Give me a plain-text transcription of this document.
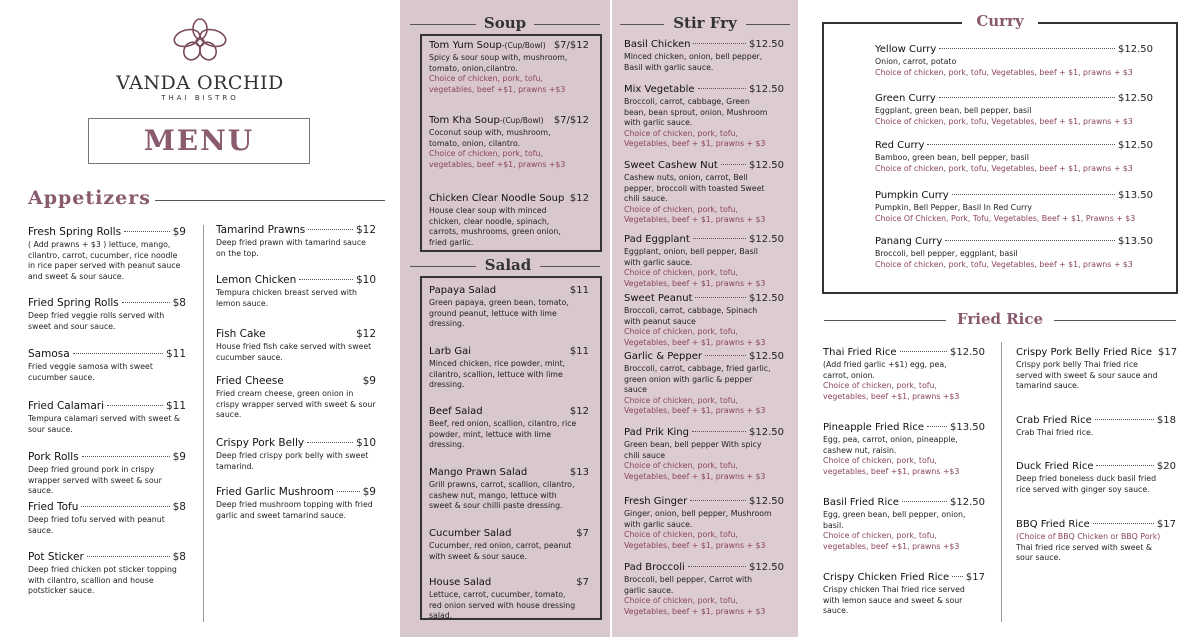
VANDA ORCHID
THAI BISTRO
MENU
Appetizers
Fresh Spring Rolls	$9
( Add prawns + $3 ) lettuce, mango, cilantro, carrot, cucumber, rice noodle in rice paper served with peanut sauce and sweet & sour sauce.
Fried Spring Rolls	$8
Deep fried veggie rolls served with sweet and sour sauce.
Samosa	$11
Fried veggie samosa with sweet cucumber sauce.
Fried Calamari	$11
Tempura calamari served with sweet & sour sauce.
Pork Rolls	$9
Deep fried ground pork in crispy wrapper served with sweet & sour sauce.
Fried Tofu	$8
Deep fried tofu served with peanut sauce.
Pot Sticker	$8
Deep fried chicken pot sticker topping with cilantro, scallion and house potsticker sauce.
Tamarind Prawns	$12
Deep fried prawn with tamarind sauce on the top.
Lemon Chicken	$10
Tempura chicken breast served with lemon sauce.
Fish Cake	$12
House fried fish cake served with sweet cucumber sauce.
Fried Cheese	$9
Fried cream cheese, green onion in crispy wrapper served with sweet & sour sauce.
Crispy Pork Belly	$10
Deep fried crispy pork belly with sweet tamarind.
Fried Garlic Mushroom	$9
Deep fried mushroom topping with fried garlic and sweet tamarind sauce.
Soup
Tom Yum Soup -(Cup/Bowl) $7/$12
Spicy & sour soup with, mushroom, tomato, onion,cilantro.
Choice of chicken, pork, tofu, vegetables, beef +$1, prawns +$3
Tom Kha Soup -(Cup/Bowl) $7/$12
Coconut soup with, mushroom, tomato, onion, cilantro.
Choice of chicken, pork, tofu, vegetables, beef +$1, prawns +$3
Chicken Clear Noodle Soup $12
House clear soup with minced chicken, clear noodle, spinach, carrots, mushrooms, green onion, fried garlic.
Salad
Papaya Salad	$11
Green papaya, green bean, tomato, ground peanut, lettuce with lime dressing.
Larb Gai	$11
Minced chicken, rice powder, mint, cilantro, scallion, lettuce with lime dressing.
Beef Salad	$12
Beef, red onion, scallion, cilantro, rice powder, mint, lettuce with lime dressing.
Mango Prawn Salad	$13
Grill prawns, carrot, scallion, cilantro, cashew nut, mango, lettuce with sweet & sour chilli paste dressing.
Cucumber Salad	$7
Cucumber, red onion, carrot, peanut with sweet & sour sauce.
House Salad	$7
Lettuce, carrot, cucumber, tomato, red onion served with house dressing salad.
Stir Fry
Basil Chicken	$12.50
Minced chicken, onion, bell pepper, Basil with garlic sauce.
Mix Vegetable	$12.50
Broccoli, carrot, cabbage, Green bean, bean sprout, onion, Mushroom with garlic sauce.
Choice of chicken, pork, tofu, Vegetables, beef + $1, prawns + $3
Sweet Cashew Nut	$12.50
Cashew nuts, onion, carrot, Bell pepper, broccoli with toasted Sweet chili sauce.
Choice of chicken, pork, tofu, Vegetables, beef + $1, prawns + $3
Pad Eggplant	$12.50
Eggplant, onion, bell pepper, Basil with garlic sauce.
Choice of chicken, pork, tofu, Vegetables, beef + $1, prawns + $3
Sweet Peanut	$12.50
Broccoli, carrot, cabbage, Spinach with peanut sauce
Choice of chicken, pork, tofu, Vegetables, beef + $1, prawns + $3
Garlic & Pepper	$12.50
Broccoli, carrot, cabbage, fried garlic, green onion with garlic & pepper sauce
Choice of chicken, pork, tofu, Vegetables, beef + $1, prawns + $3
Pad Prik King	$12.50
Green bean, bell pepper With spicy chili sauce
Choice of chicken, pork, tofu, Vegetables, beef + $1, prawns + $3
Fresh Ginger	$12.50
Ginger, onion, bell pepper, Mushroom with garlic sauce.
Choice of chicken, pork, tofu, Vegetables, beef + $1, prawns + $3
Pad Broccoli	$12.50
Broccoli, bell pepper, Carrot with garlic sauce.
Choice of chicken, pork, tofu, Vegetables, beef + $1, prawns + $3
Curry
Yellow Curry	$12.50
Onion, carrot, potato
Choice of chicken, pork, tofu, Vegetables, beef + $1, prawns + $3
Green Curry	$12.50
Eggplant, green bean, bell pepper, basil
Choice of chicken, pork, tofu, Vegetables, beef + $1, prawns + $3
Red Curry	$12.50
Bamboo, green bean, bell pepper, basil
Choice of chicken, pork, tofu, Vegetables, beef + $1, prawns + $3
Pumpkin Curry	$13.50
Pumpkin, Bell Pepper, Basil In Red Curry
Choice Of Chicken, Pork, Tofu, Vegetables, Beef + $1, Prawns + $3
Panang Curry	$13.50
Broccoli, bell pepper, eggplant, basil
Choice of chicken, pork, tofu, Vegetables, beef + $1, prawns + $3
Fried Rice
Thai Fried Rice	$12.50
(Add fried garlic +$1) egg, pea, carrot, onion.
Choice of chicken, pork, tofu, vegetables, beef +$1, prawns +$3
Pineapple Fried Rice	$13.50
Egg, pea, carrot, onion, pineapple, cashew nut, raisin.
Choice of chicken, pork, tofu, vegetables, beef +$1, prawns +$3
Basil Fried Rice	$12.50
Egg, green bean, bell pepper, onion, basil.
Choice of chicken, pork, tofu, vegetables, beef +$1, prawns +$3
Crispy Chicken Fried Rice $17
Crispy chicken Thai fried rice served with lemon sauce and sweet & sour sauce.
Crispy Pork Belly Fried Rice $17
Crispy pork belly Thai fried rice served with sweet & sour sauce and tamarind sauce.
Crab Fried Rice	$18
Crab Thai fried rice.
Duck Fried Rice	$20
Deep fried boneless duck basil fried rice served with ginger soy sauce.
BBQ Fried Rice	$17
(Choice of BBQ Chicken or BBQ Pork)
Thai fried rice served with sweet & sour sauce.
